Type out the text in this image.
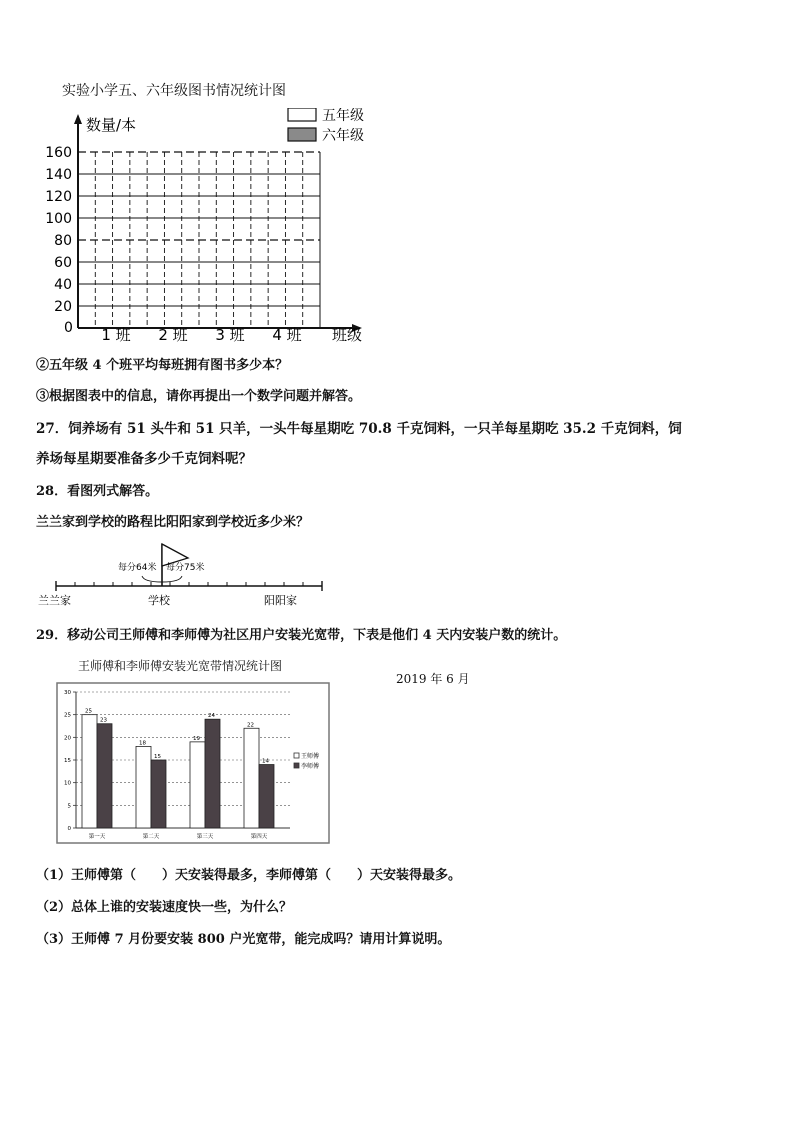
实验小学五、六年级图书情况统计图
20
40
60
80
100
120
140
160
1 班 2 班 3 班 4 班
数量/本
班级
0
五年级
六年级
②五年级 4 个班平均每班拥有图书多少本？
③根据图表中的信息，请你再提出一个数学问题并解答。
27．饲养场有 51 头牛和 51 只羊，一头牛每星期吃 70.8 千克饲料，一只羊每星期吃 35.2 千克饲料，饲
养场每星期要准备多少千克饲料呢？
28．看图列式解答。
兰兰家到学校的路程比阳阳家到学校近多少米？
每分64米 每分75米
兰兰家	学校	阳阳家
29．移动公司王师傅和李师傅为社区用户安装光宽带，下表是他们 4 天内安装户数的统计。
王师傅和李师傅安装光宽带情况统计图
2019 年 6 月
0
5
10
15
20
25
30
25
23
第一天
18
15
第二天
19
24
第三天
22
14
第四天
王师傅
李师傅
（1）王师傅第（　　）天安装得最多，李师傅第（　　）天安装得最多。
（2）总体上谁的安装速度快一些，为什么？
（3）王师傅 7 月份要安装 800 户光宽带，能完成吗？请用计算说明。
